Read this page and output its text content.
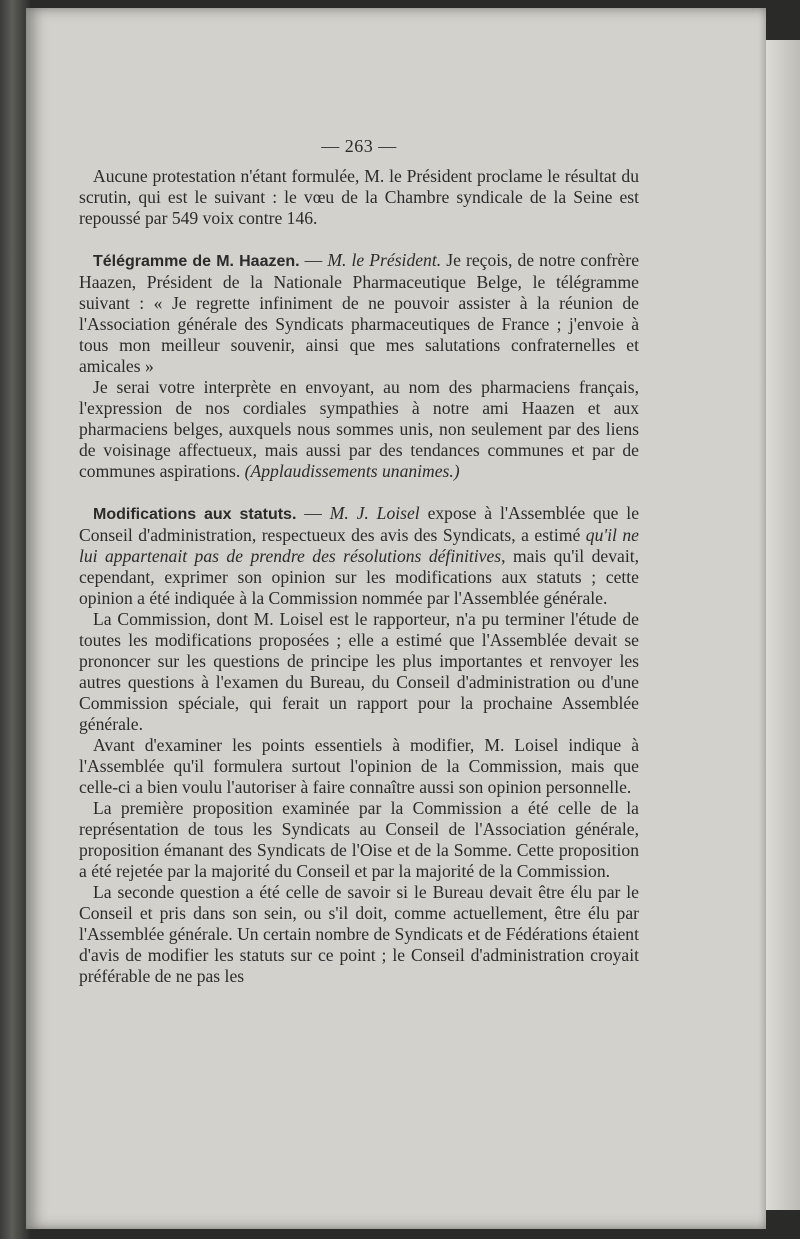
— 263 —

Aucune protestation n'étant formulée, M. le Président proclame le résultat du scrutin, qui est le suivant : le vœu de la Chambre syndicale de la Seine est repoussé par 549 voix contre 146.

Télégramme de M. Haazen. — M. le Président. Je reçois, de notre confrère Haazen, Président de la Nationale Pharmaceutique Belge, le télégramme suivant : « Je regrette infiniment de ne pouvoir assister à la réunion de l'Association générale des Syndicats pharmaceutiques de France ; j'envoie à tous mon meilleur souvenir, ainsi que mes salutations confraternelles et amicales »

Je serai votre interprète en envoyant, au nom des pharmaciens français, l'expression de nos cordiales sympathies à notre ami Haazen et aux pharmaciens belges, auxquels nous sommes unis, non seulement par des liens de voisinage affectueux, mais aussi par des tendances communes et par de communes aspirations. (Applaudissements unanimes.)

Modifications aux statuts. — M. J. Loisel expose à l'Assemblée que le Conseil d'administration, respectueux des avis des Syndicats, a estimé qu'il ne lui appartenait pas de prendre des résolutions définitives, mais qu'il devait, cependant, exprimer son opinion sur les modifications aux statuts ; cette opinion a été indiquée à la Commission nommée par l'Assemblée générale.

La Commission, dont M. Loisel est le rapporteur, n'a pu terminer l'étude de toutes les modifications proposées ; elle a estimé que l'Assemblée devait se prononcer sur les questions de principe les plus importantes et renvoyer les autres questions à l'examen du Bureau, du Conseil d'administration ou d'une Commission spéciale, qui ferait un rapport pour la prochaine Assemblée générale.

Avant d'examiner les points essentiels à modifier, M. Loisel indique à l'Assemblée qu'il formulera surtout l'opinion de la Commission, mais que celle-ci a bien voulu l'autoriser à faire connaître aussi son opinion personnelle.

La première proposition examinée par la Commission a été celle de la représentation de tous les Syndicats au Conseil de l'Association générale, proposition émanant des Syndicats de l'Oise et de la Somme. Cette proposition a été rejetée par la majorité du Conseil et par la majorité de la Commission.

La seconde question a été celle de savoir si le Bureau devait être élu par le Conseil et pris dans son sein, ou s'il doit, comme actuellement, être élu par l'Assemblée générale. Un certain nombre de Syndicats et de Fédérations étaient d'avis de modifier les statuts sur ce point ; le Conseil d'administration croyait préférable de ne pas les
